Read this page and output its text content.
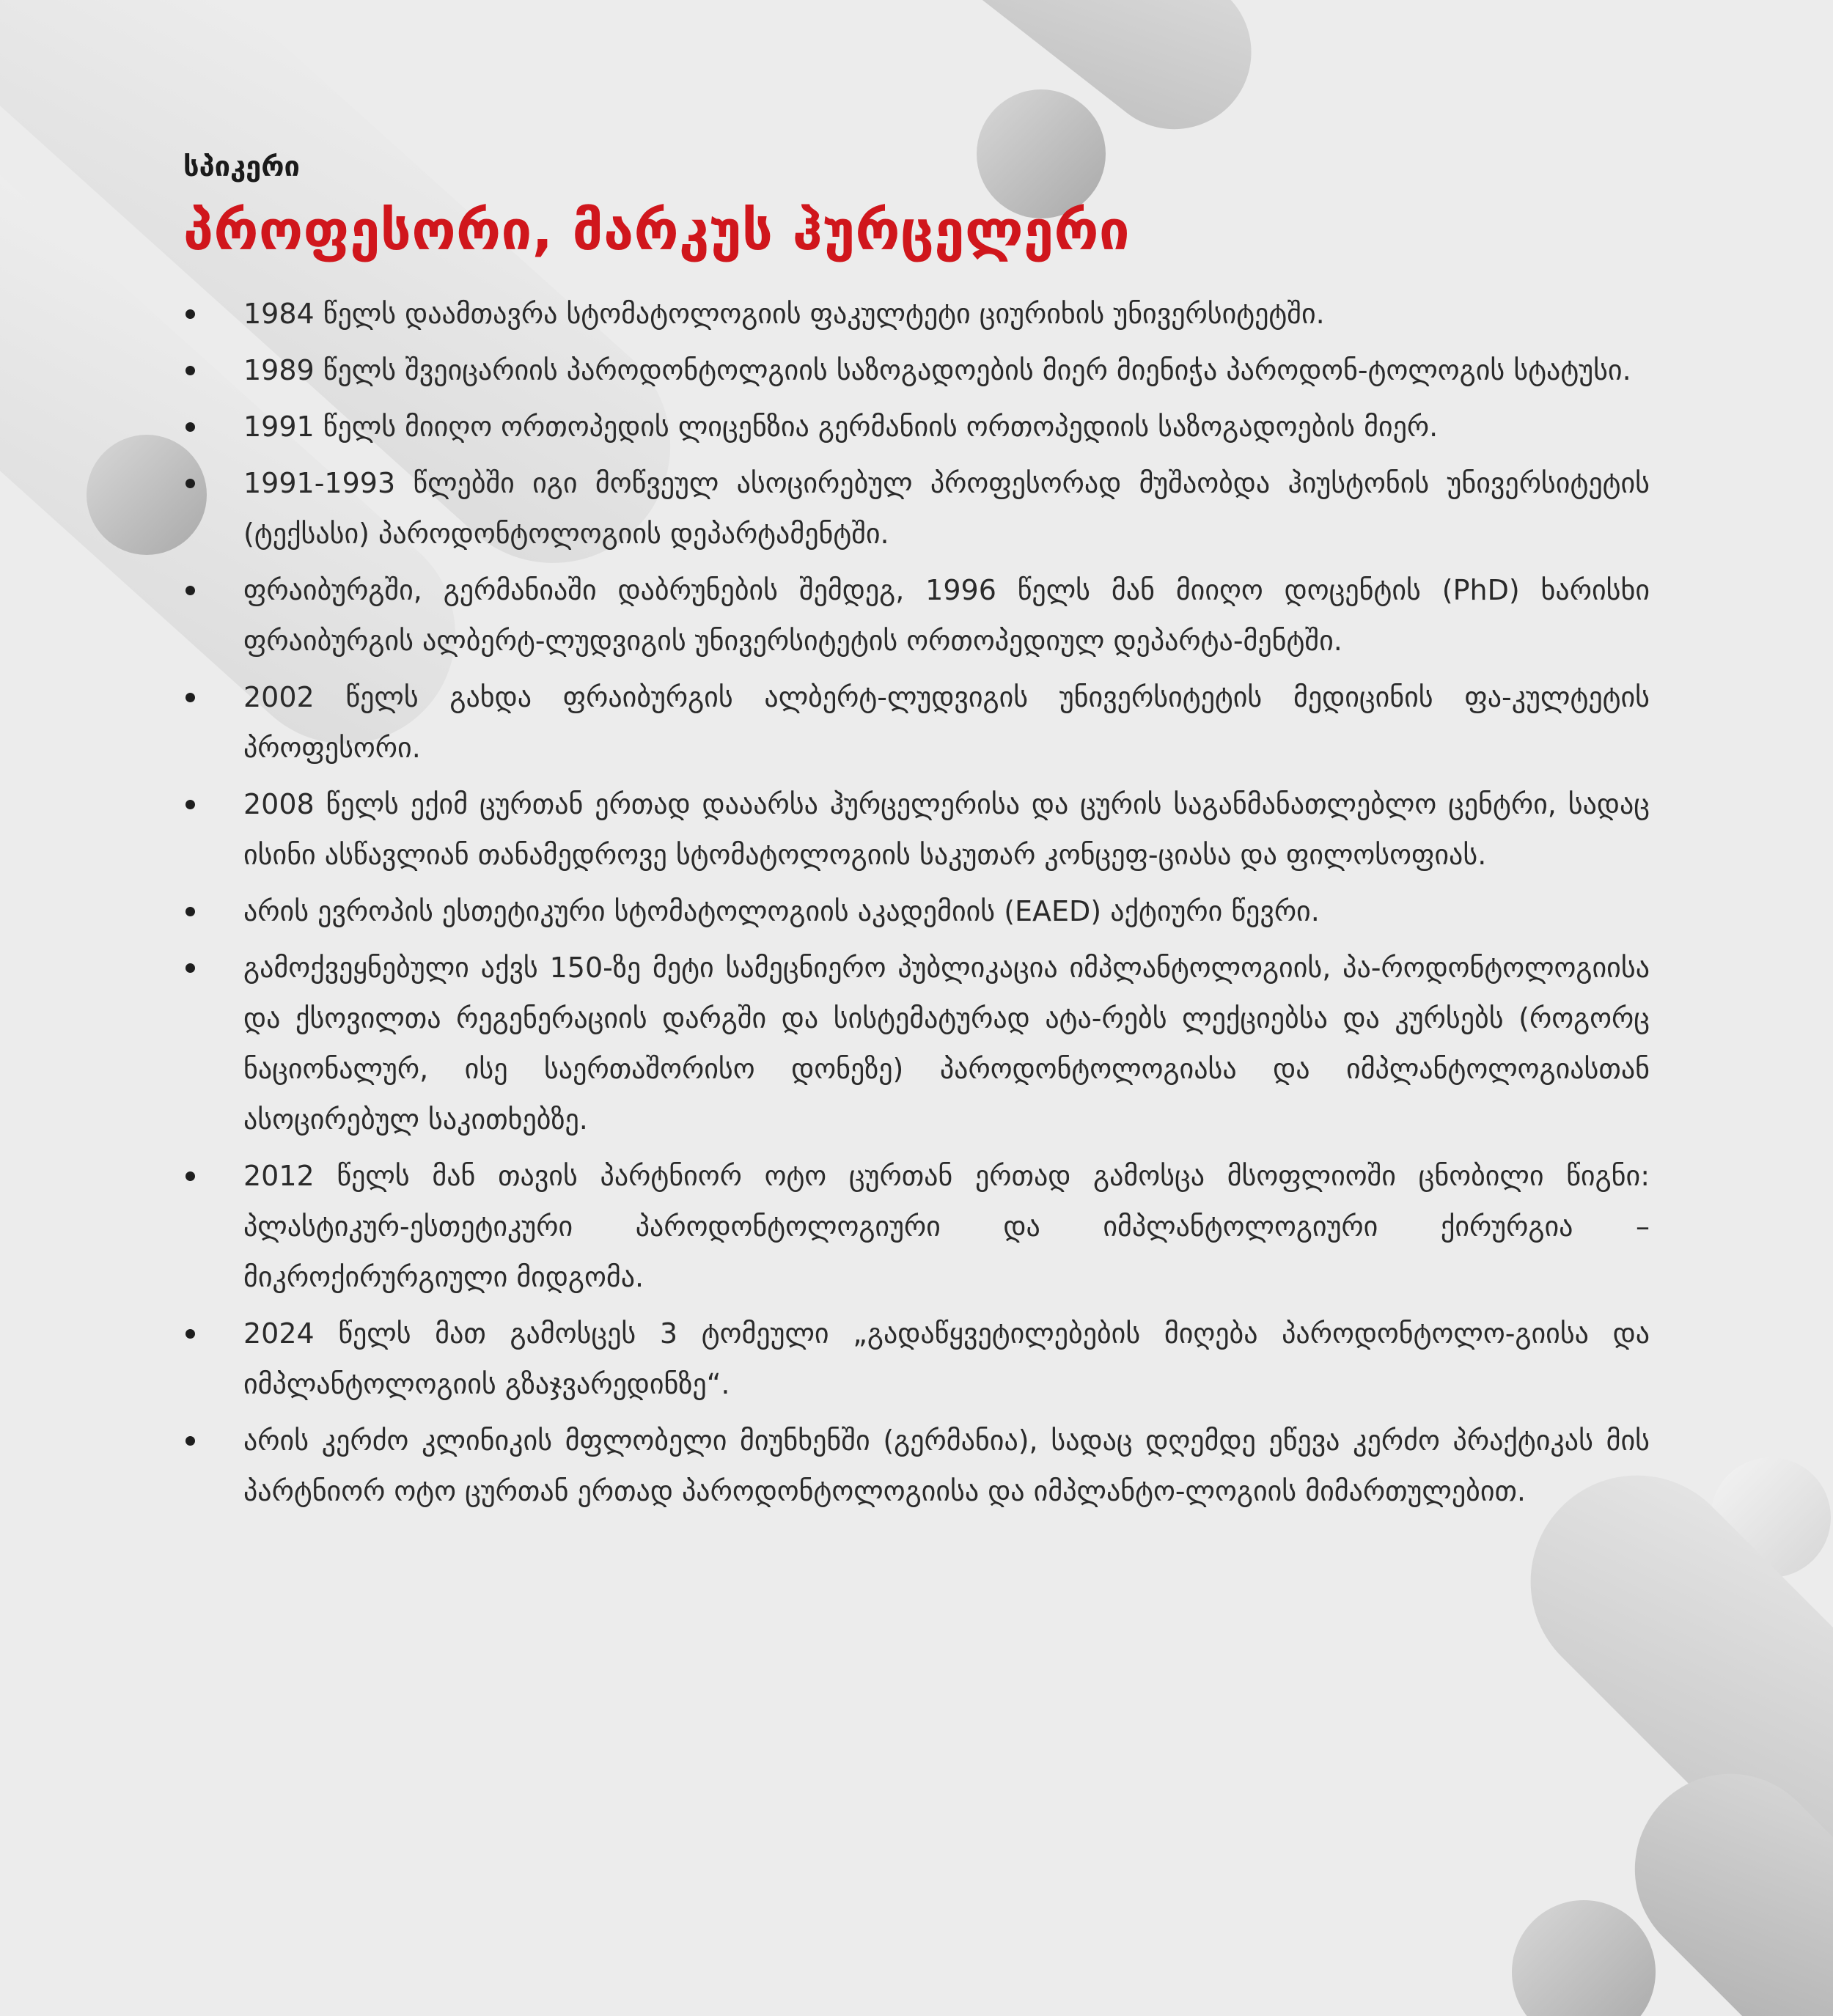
სპიკერი
პროფესორი, მარკუს ჰურცელერი
1984 წელს დაამთავრა სტომატოლოგიის ფაკულტეტი ციურიხის უნივერსიტეტში.
1989 წელს შვეიცარიის პაროდონტოლგიის საზოგადოების მიერ მიენიჭა პაროდონ-ტოლოგის სტატუსი.
1991 წელს მიიღო ორთოპედის ლიცენზია გერმანიის ორთოპედიის საზოგადოების მიერ.
1991-1993 წლებში იგი მოწვეულ ასოცირებულ პროფესორად მუშაობდა ჰიუსტონის უნივერსიტეტის (ტექსასი) პაროდონტოლოგიის დეპარტამენტში.
ფრაიბურგში, გერმანიაში დაბრუნების შემდეგ, 1996 წელს მან მიიღო დოცენტის (PhD) ხარისხი ფრაიბურგის ალბერტ-ლუდვიგის უნივერსიტეტის ორთოპედიულ დეპარტა-მენტში.
2002 წელს გახდა ფრაიბურგის ალბერტ-ლუდვიგის უნივერსიტეტის მედიცინის ფა-კულტეტის პროფესორი.
2008 წელს ექიმ ცურთან ერთად დააარსა ჰურცელერისა და ცურის საგანმანათლებლო ცენტრი, სადაც ისინი ასწავლიან თანამედროვე სტომატოლოგიის საკუთარ კონცეფ-ციასა და ფილოსოფიას.
არის ევროპის ესთეტიკური სტომატოლოგიის აკადემიის (EAED) აქტიური წევრი.
გამოქვეყნებული აქვს 150-ზე მეტი სამეცნიერო პუბლიკაცია იმპლანტოლოგიის, პა-როდონტოლოგიისა და ქსოვილთა რეგენერაციის დარგში და სისტემატურად ატა-რებს ლექციებსა და კურსებს (როგორც ნაციონალურ, ისე საერთაშორისო დონეზე) პაროდონტოლოგიასა და იმპლანტოლოგიასთან ასოცირებულ საკითხებზე.
2012 წელს მან თავის პარტნიორ ოტო ცურთან ერთად გამოსცა მსოფლიოში ცნობილი წიგნი: პლასტიკურ-ესთეტიკური პაროდონტოლოგიური და იმპლანტოლოგიური ქირურგია – მიკროქირურგიული მიდგომა.
2024 წელს მათ გამოსცეს 3 ტომეული „გადაწყვეტილებების მიღება პაროდონტოლო-გიისა და იმპლანტოლოგიის გზაჯვარედინზე“.
არის კერძო კლინიკის მფლობელი მიუნხენში (გერმანია), სადაც დღემდე ეწევა კერძო პრაქტიკას მის პარტნიორ ოტო ცურთან ერთად პაროდონტოლოგიისა და იმპლანტო-ლოგიის მიმართულებით.
